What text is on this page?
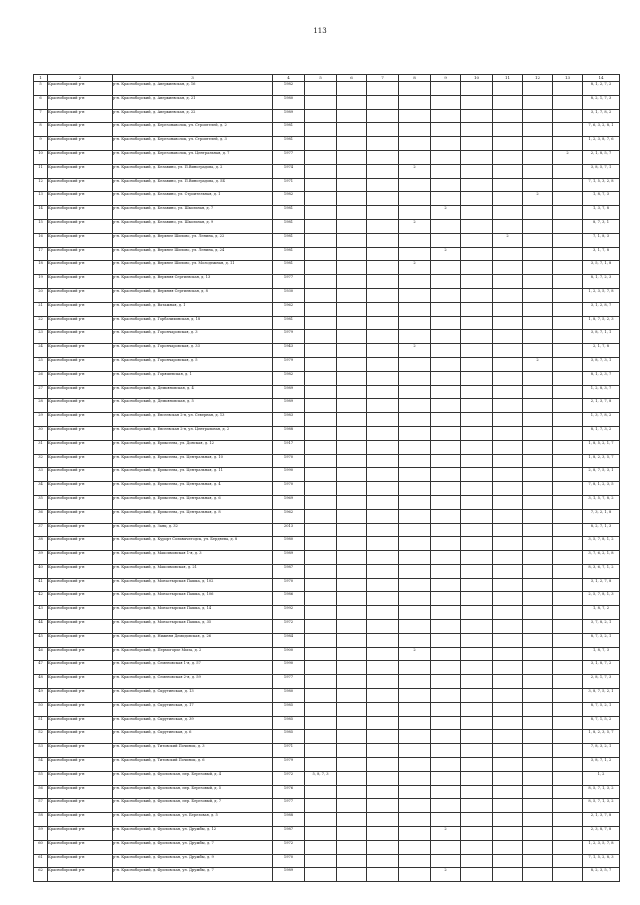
113
1	2	3	4	5	6	7	8	9	10	11	12	13	14
5	Красноборский р-н	р-н. Красноборский, д. Аверкиевская, д. 16	1982										8, 1, 2, 7, 2
6	Красноборский р-н	р-н. Красноборский, д. Аверкиевская, д. 21	1980										8, 2, 1, 7, 3
7	Красноборский р-н	р-н. Красноборский, д. Аверкиевская, д. 22	1989										3, 1, 7, 8, 2
8	Красноборский р-н	р-н. Красноборский, д. Березонаволок, ул. Строителей, д. 2	1981										7, 6, 3, 2, 8, 1
9	Красноборский р-н	р-н. Красноборский, д. Березонаволок, ул. Строителей, д. 3	1981										1, 2, 3, 8, 7, 6
10	Красноборский р-н	р-н. Красноборский, д. Березонаволок, ул. Центральная, д. 7	1977									2	2, 1, 8, 5, 7
11	Красноборский р-н	р-н. Красноборский, д. Белавино, ул. П.Виноградова, д. 2	1974				2						3, 8, 5, 7, 1
12	Красноборский р-н	р-н. Красноборский, д. Белавино, ул. П.Виноградова, д. 5Б	1971										7, 1, 5, 3, 2, 8
13	Красноборский р-н	р-н. Красноборский, д. Белавино, ул. Строительная, д. 1	1982								2		1, 8, 7, 3
14	Красноборский р-н	р-н. Красноборский, д. Белавино, ул. Школьная, д. 7	1981					2					1, 3, 7, 8
15	Красноборский р-н	р-н. Красноборский, д. Белавино, ул. Школьная, д. 9	1981				2						8, 7, 3, 1
16	Красноборский р-н	р-н. Красноборский, д. Верхнее Шилово, ул. Ленина, д. 22	1981							2			7, 1, 8, 3
17	Красноборский р-н	р-н. Красноборский, д. Верхнее Шилово, ул. Ленина, д. 24	1981					2					3, 1, 7, 8
18	Красноборский р-н	р-н. Красноборский, д. Верхнее Шилово, ул. Молодежная, д. 11	1981				2						3, 5, 7, 1, 8
19	Красноборский р-н	р-н. Красноборский, д. Верхняя Сергиевская, д. 13	1977										8, 1, 7, 2, 3
20	Красноборский р-н	р-н. Красноборский, д. Верхняя Сергиевская, д. 8	1930										1, 2, 3, 5, 7, 8
21	Красноборский р-н	р-н. Красноборский, д. Ватажная, д. 1	1962										3, 1, 2, 8, 7
22	Красноборский р-н	р-н. Красноборский, д. Горбачихинская, д. 18	1981										1, 8, 7, 5, 2, 3
23	Красноборский р-н	р-н. Красноборский, д. Горончаровская, д. 3	1979										3, 8, 7, 1, 1
24	Красноборский р-н	р-н. Красноборский, д. Горончаровская, д. 33	1943				2						2, 1, 7, 8
25	Красноборский р-н	р-н. Красноборский, д. Горончаровская, д. 5	1979								2		3, 8, 7, 3, 1
26	Красноборский р-н	р-н. Красноборский, д. Горяшевская, д. 1	1982										8, 1, 2, 3, 7
27	Красноборский р-н	р-н. Красноборский, д. Демьяновская, д. 4	1989										1, 2, 8, 3, 7
28	Красноборский р-н	р-н. Красноборский, д. Демьяновская, д. 5	1989										2, 1, 3, 7, 8
29	Красноборский р-н	р-н. Красноборский, д. Евсеевская 2-я, ул. Северная, д. 13	1983										1, 3, 7, 8, 2
30	Красноборский р-н	р-н. Красноборский, д. Евсеевская 2-я, ул. Центральная, д. 2	1988										8, 1, 7, 3, 2
31	Красноборский р-н	р-н. Красноборский, д. Ериксеева, ул. Донская, д. 12	1917										1, 8, 5, 2, 1, 7
32	Красноборский р-н	р-н. Красноборский, д. Ериксеева, ул. Центральная, д. 10	1970										1, 8, 2, 3, 5, 7
33	Красноборский р-н	р-н. Красноборский, д. Ериксеева, ул. Центральная, д. 11	1990										2, 8, 7, 5, 3, 1
34	Красноборский р-н	р-н. Красноборский, д. Ериксеева, ул. Центральная, д. 4	1970										7, 8, 1, 2, 3, 5
35	Красноборский р-н	р-н. Красноборский, д. Ериксеева, ул. Центральная, д. 6	1969										3, 1, 5, 7, 8, 2
36	Красноборский р-н	р-н. Красноборский, д. Ериксеева, ул. Центральная, д. 8	1962										7, 3, 2, 1, 8
37	Красноборский р-н	р-н. Красноборский, д. Заяц, д. 32	2013										8, 2, 7, 1, 3
38	Красноборский р-н	р-н. Красноборский, д. Курорт Сольвычегодск, ул. Бердяева, д. 8	1980										3, 5, 7, 8, 1, 2
39	Красноборский р-н	р-н. Красноборский, д. Максимовская 1-я, д. 3	1989										3, 7, 6, 2, 1, 8
40	Красноборский р-н	р-н. Красноборский, д. Максимовская, д. 21	1987										8, 3, 6, 7, 1, 2
41	Красноборский р-н	р-н. Красноборский, д. Монастырская Пашка, д. 102	1970										3, 1, 2, 7, 8
42	Красноборский р-н	р-н. Красноборский, д. Монастырская Пашка, д. 106	1986										2, 5, 7, 8, 1, 3
43	Красноборский р-н	р-н. Красноборский, д. Монастырская Пашка, д. 14	1992										1, 8, 7, 2
44	Красноборский р-н	р-н. Красноборский, д. Монастырская Пашка, д. 35	1972										3, 7, 8, 2, 1
45	Красноборский р-н	р-н. Красноборский, д. Нижняя Демидовская, д. 26	1984										8, 7, 3, 2, 1
46	Красноборский р-н	р-н. Красноборский, д. Пермогорье Мыза, д. 2	1900				2						1, 8, 7, 3
47	Красноборский р-н	р-н. Красноборский, д. Семеновская 1-я, д. 57	1990										3, 1, 8, 7, 2
48	Красноборский р-н	р-н. Красноборский, д. Семеновская 2-я, д. 59	1977										2, 8, 1, 7, 3
49	Красноборский р-н	р-н. Красноборский, д. Скрутинская, д. 13	1980										3, 8, 7, 5, 2, 1
50	Красноборский р-н	р-н. Красноборский, д. Скрутинская, д. 17	1985										8, 7, 5, 2, 1
51	Красноборский р-н	р-н. Красноборский, д. Скрутинская, д. 39	1985										8, 7, 1, 5, 2
52	Красноборский р-н	р-н. Красноборский, д. Скрутинская, д. 6	1985										1, 8, 2, 3, 5, 7
53	Красноборский р-н	р-н. Красноборский, д. Титовский Починок, д. 3	1971										7, 8, 3, 2, 1
54	Красноборский р-н	р-н. Красноборский, д. Титовский Починок, д. 6	1979										3, 8, 7, 1, 2
55	Красноборский р-н	р-н. Красноборский, д. Фроловская, пер. Березовый, д. 4	1972	5, 8, 7, 3									1, 2
56	Красноборский р-н	р-н. Красноборский, д. Фроловская, пер. Березовый, д. 5	1976										8, 5, 7, 1, 3, 2
57	Красноборский р-н	р-н. Красноборский, д. Фроловская, пер. Березовый, д. 7	1977										8, 5, 7, 1, 3, 2
58	Красноборский р-н	р-н. Красноборский, д. Фроловская, ул. Березовая, д. 5	1988										2, 1, 3, 7, 8
59	Красноборский р-н	р-н. Красноборский, д. Фроловская, ул. Дружбы, д. 12	1987					2					2, 3, 8, 7, 8
60	Красноборский р-н	р-н. Красноборский, д. Фроловская, ул. Дружбы, д. 7	1972										1, 2, 3, 5, 7, 8
61	Красноборский р-н	р-н. Красноборский, д. Фроловская, ул. Дружбы, д. 9	1970										7, 1, 5, 2, 8, 3
62	Красноборский р-н	р-н. Красноборский, д. Фроловская, ул. Дружбы, д. 7	1989					2					8, 2, 3, 5, 7
